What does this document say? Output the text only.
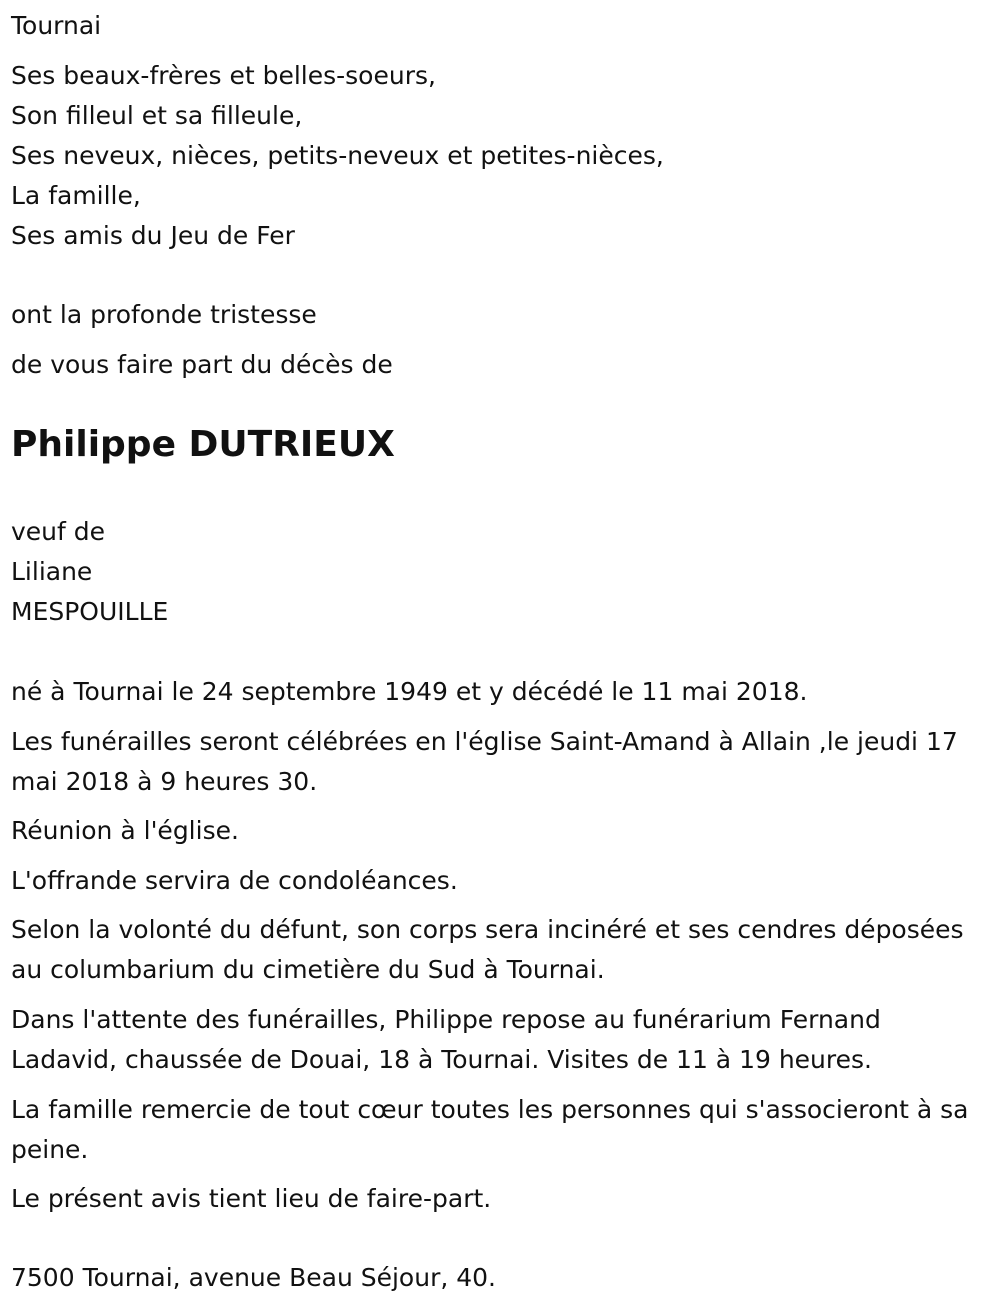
Tournai
Ses beaux-frères et belles-soeurs,
Son filleul et sa filleule,
Ses neveux, nièces, petits-neveux et petites-nièces,
La famille,
Ses amis du Jeu de Fer
ont la profonde tristesse
de vous faire part du décès de
Philippe DUTRIEUX
veuf de
Liliane
MESPOUILLE
né à Tournai le 24 septembre 1949 et y décédé le 11 mai 2018.
Les funérailles seront célébrées en l'église Saint-Amand à Allain ,le jeudi 17 mai 2018 à 9 heures 30.
Réunion à l'église.
L'offrande servira de condoléances.
Selon la volonté du défunt, son corps sera incinéré et ses cendres déposées au columbarium du cimetière du Sud à Tournai.
Dans l'attente des funérailles, Philippe repose au funérarium Fernand Ladavid, chaussée de Douai, 18 à Tournai. Visites de 11 à 19 heures.
La famille remercie de tout cœur toutes les personnes qui s'associeront à sa peine.
Le présent avis tient lieu de faire-part.
7500 Tournai, avenue Beau Séjour, 40.
